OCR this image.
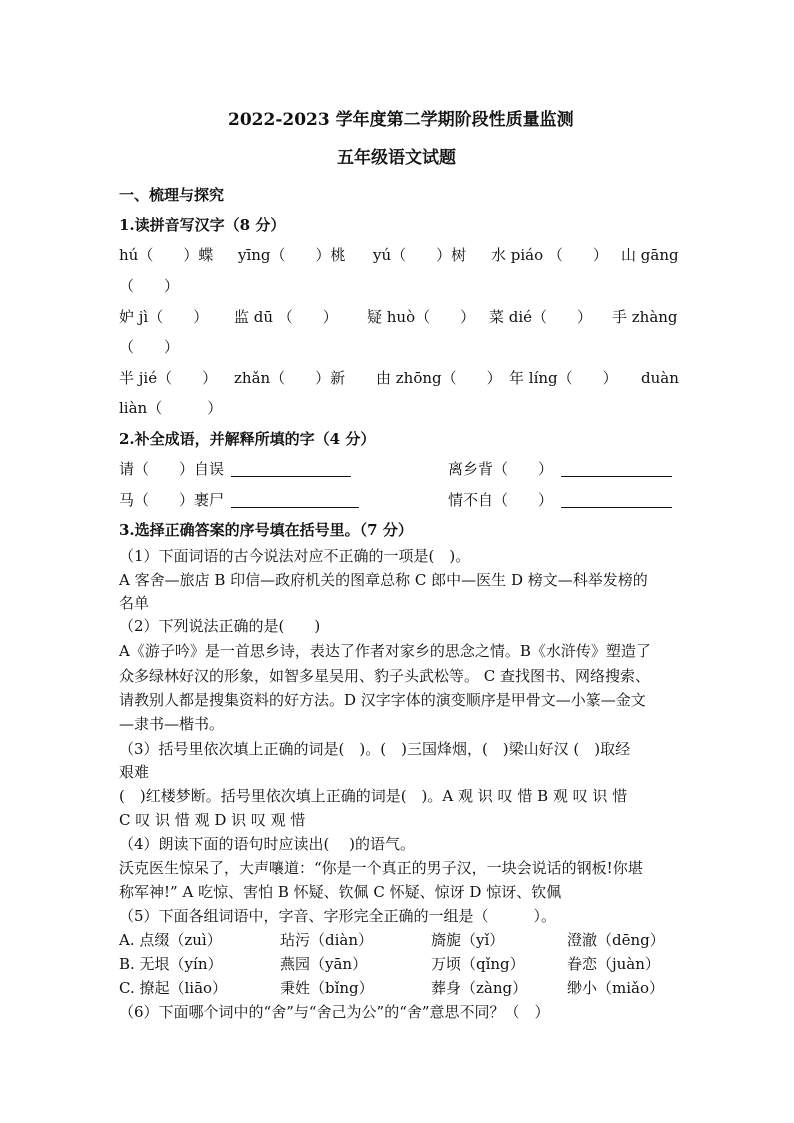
2022-2023 学年度第二学期阶段性质量监测
五年级语文试题
一、梳理与探究
1.读拼音写汉字（8 分）
hú（　　）蝶 yīng（　　）桃 yú（　　）树 水 piáo （　　） 山 gāng
（　　）
妒 jì（　　） 监 dū （　　） 疑 huò（　　） 菜 dié（　　） 手 zhàng
（　　）
半 jié（　　） zhǎn（　　）新 由 zhōng（　　） 年 líng（　　） duàn
liàn（　　　）
2.补全成语，并解释所填的字（4 分）
请（　　）自误	离乡背（　　）
马（　　）裹尸	情不自（　　）
3.选择正确答案的序号填在括号里。（7 分）
（1）下面词语的古今说法对应不正确的一项是(　)。
A 客舍—旅店 B 印信—政府机关的图章总称 C 郎中—医生 D 榜文—科举发榜的
名单
（2）下列说法正确的是(　　)
A《游子吟》是一首思乡诗，表达了作者对家乡的思念之情。B《水浒传》塑造了
众多绿林好汉的形象，如智多星吴用、豹子头武松等。 C 查找图书、网络搜索、
请教别人都是搜集资料的好方法。D 汉字字体的演变顺序是甲骨文—小篆—金文
—隶书—楷书。
（3）括号里依次填上正确的词是(　)。(　)三国烽烟，(　)梁山好汉 (　)取经
艰难
(　)红楼梦断。括号里依次填上正确的词是(　)。A 观 识 叹 惜 B 观 叹 识 惜
C 叹 识 惜 观 D 识 叹 观 惜
（4）朗读下面的语句时应读出(　 )的语气。
沃克医生惊呆了，大声嚷道：“你是一个真正的男子汉，一块会说话的钢板!你堪
称军神!” A 吃惊、害怕 B 怀疑、钦佩 C 怀疑、惊讶 D 惊讶、钦佩
（5）下面各组词语中，字音、字形完全正确的一组是（　　　）。
A. 点缀（zuì）	玷污（diàn）	旖旎（yǐ）	澄澈（dēng）
B. 无垠（yín）	燕园（yān）	万顷（qǐng）	眷恋（juàn）
C. 撩起（liāo）	秉姓（bǐng）	葬身（zàng）	缈小（miǎo）
（6）下面哪个词中的“舍”与“舍己为公”的“舍”意思不同？（　）
